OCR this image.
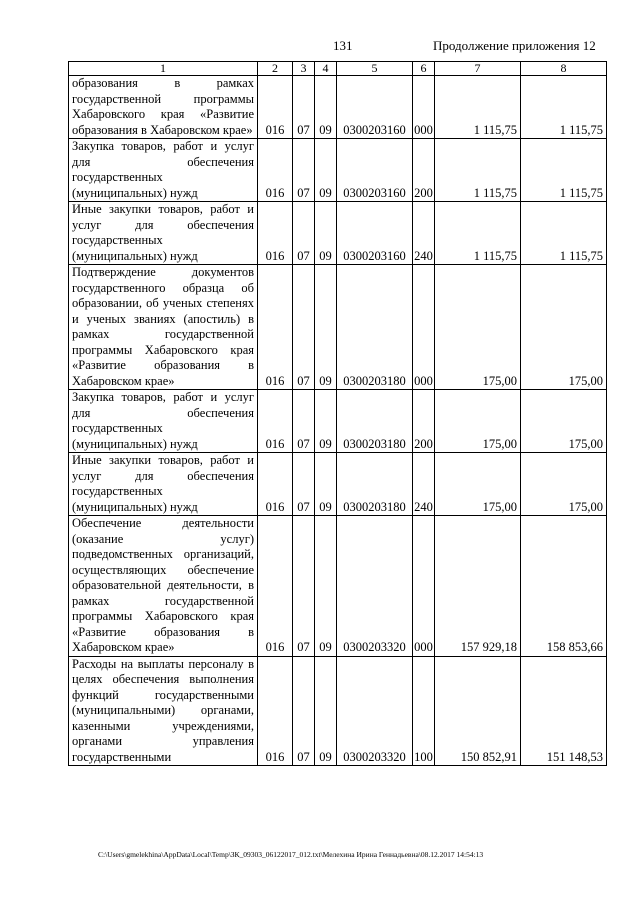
131	Продолжение приложения 12
1	2	3	4	5	6	7	8
образования в рамках государственной программы Хабаровского края «Развитие образования в Хабаровском крае»	016	07	09	0300203160	000	1 115,75	1 115,75
Закупка товаров, работ и услуг для обеспечения государственных (муниципальных) нужд	016	07	09	0300203160	200	1 115,75	1 115,75
Иные закупки товаров, работ и услуг для обеспечения государственных (муниципальных) нужд	016	07	09	0300203160	240	1 115,75	1 115,75
Подтверждение документов государственного образца об образовании, об ученых степенях и ученых званиях (апостиль) в рамках государственной программы Хабаровского края «Развитие образования в Хабаровском крае»	016	07	09	0300203180	000	175,00	175,00
Закупка товаров, работ и услуг для обеспечения государственных (муниципальных) нужд	016	07	09	0300203180	200	175,00	175,00
Иные закупки товаров, работ и услуг для обеспечения государственных (муниципальных) нужд	016	07	09	0300203180	240	175,00	175,00
Обеспечение деятельности (оказание услуг) подведомственных организаций, осуществляющих обеспечение образовательной деятельности, в рамках государственной программы Хабаровского края «Развитие образования в Хабаровском крае»	016	07	09	0300203320	000	157 929,18	158 853,66
Расходы на выплаты персоналу в целях обеспечения выполнения функций государственными (муниципальными) органами, казенными учреждениями, органами управления государственными	016	07	09	0300203320	100	150 852,91	151 148,53
C:\Users\gmelekhina\AppData\Local\Temp\ЗК_09303_06122017_012.txt\Мелехина Ирина Геннадьевна\08.12.2017 14:54:13
